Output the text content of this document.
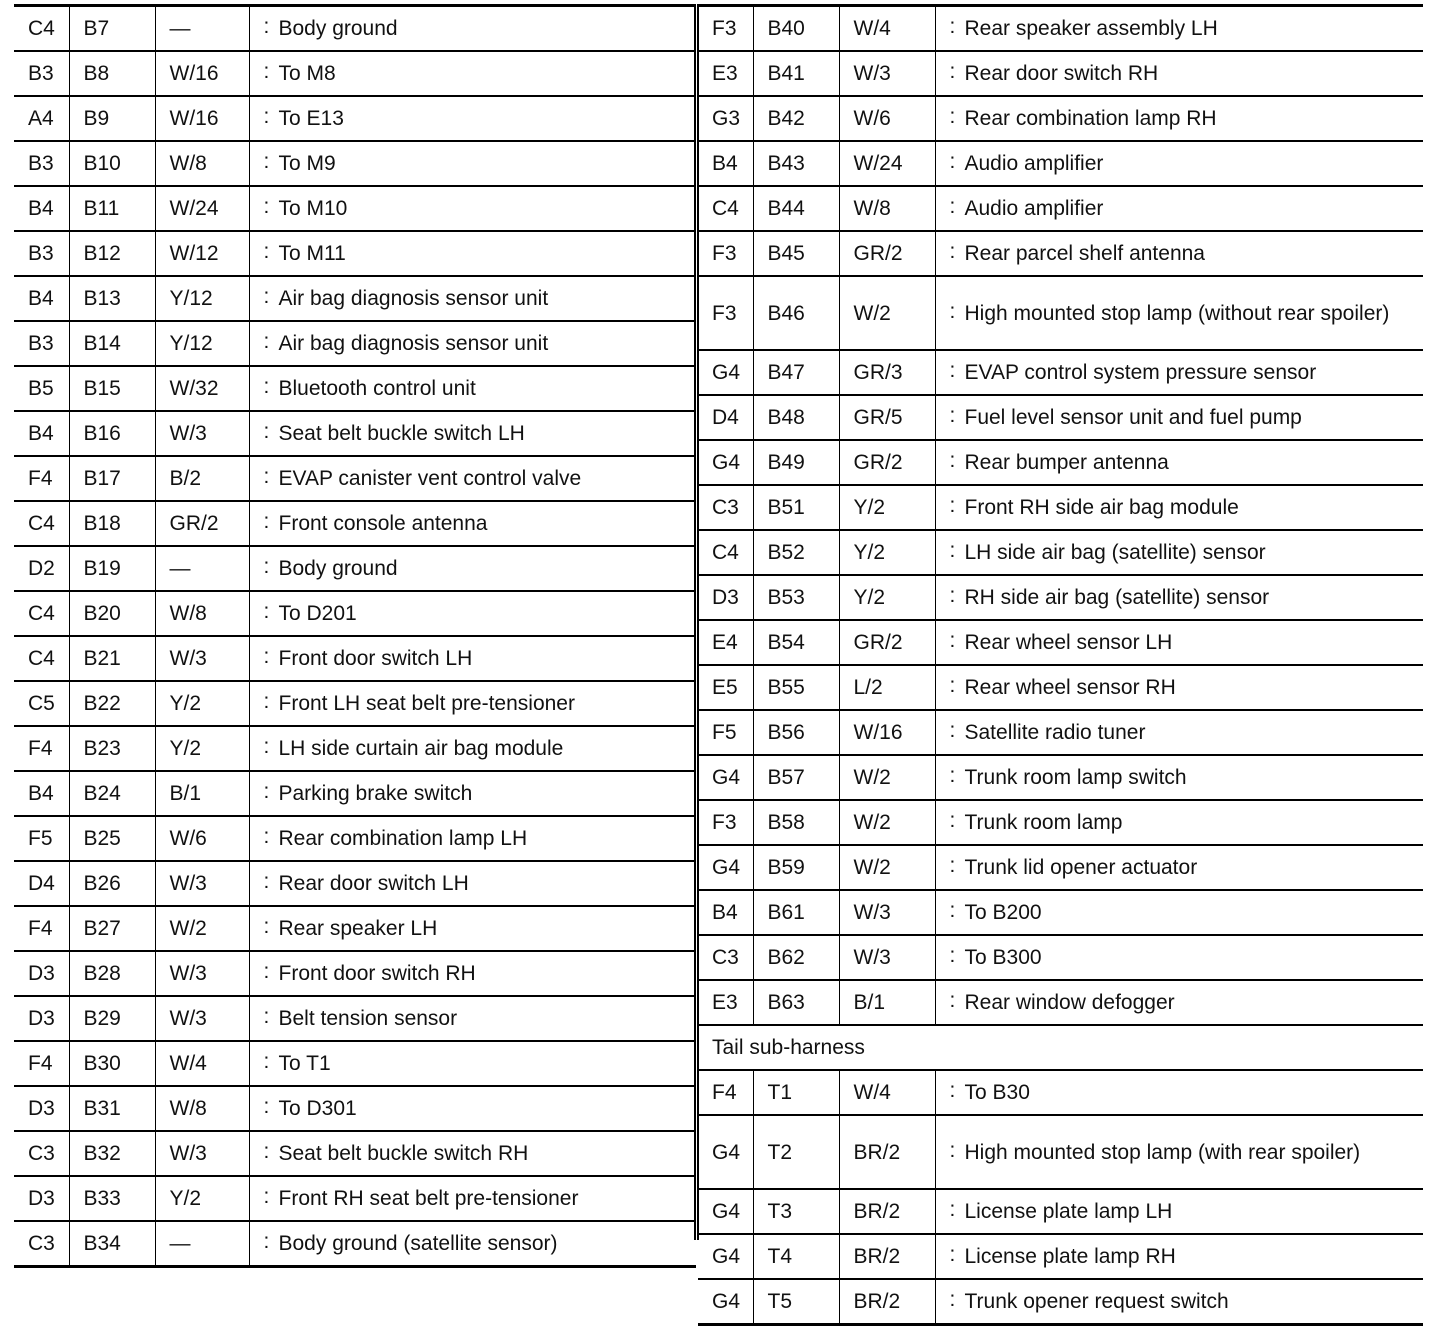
C4	B7	—	: Body ground

B3	B8	W/16	: To M8

A4	B9	W/16	: To E13

B3	B10	W/8	: To M9

B4	B11	W/24	: To M10

B3	B12	W/12	: To M11

B4	B13	Y/12	: Air bag diagnosis sensor unit

B3	B14	Y/12	: Air bag diagnosis sensor unit

B5	B15	W/32	: Bluetooth control unit

B4	B16	W/3	: Seat belt buckle switch LH

F4	B17	B/2	: EVAP canister vent control valve

C4	B18	GR/2	: Front console antenna

D2	B19	—	: Body ground

C4	B20	W/8	: To D201

C4	B21	W/3	: Front door switch LH

C5	B22	Y/2	: Front LH seat belt pre-tensioner

F4	B23	Y/2	: LH side curtain air bag module

B4	B24	B/1	: Parking brake switch

F5	B25	W/6	: Rear combination lamp LH

D4	B26	W/3	: Rear door switch LH

F4	B27	W/2	: Rear speaker LH

D3	B28	W/3	: Front door switch RH

D3	B29	W/3	: Belt tension sensor

F4	B30	W/4	: To T1

D3	B31	W/8	: To D301

C3	B32	W/3	: Seat belt buckle switch RH

D3	B33	Y/2	: Front RH seat belt pre-tensioner

C3	B34	—	: Body ground (satellite sensor)
F3	B40	W/4	: Rear speaker assembly LH

E3	B41	W/3	: Rear door switch RH

G3	B42	W/6	: Rear combination lamp RH

B4	B43	W/24	: Audio amplifier

C4	B44	W/8	: Audio amplifier

F3	B45	GR/2	: Rear parcel shelf antenna

F3	B46	W/2	: High mounted stop lamp (without rear spoiler)

G4	B47	GR/3	: EVAP control system pressure sensor

D4	B48	GR/5	: Fuel level sensor unit and fuel pump

G4	B49	GR/2	: Rear bumper antenna

C3	B51	Y/2	: Front RH side air bag module

C4	B52	Y/2	: LH side air bag (satellite) sensor

D3	B53	Y/2	: RH side air bag (satellite) sensor

E4	B54	GR/2	: Rear wheel sensor LH

E5	B55	L/2	: Rear wheel sensor RH

F5	B56	W/16	: Satellite radio tuner

G4	B57	W/2	: Trunk room lamp switch

F3	B58	W/2	: Trunk room lamp

G4	B59	W/2	: Trunk lid opener actuator

B4	B61	W/3	: To B200

C3	B62	W/3	: To B300

E3	B63	B/1	: Rear window defogger

Tail sub-harness			
F4	T1	W/4	: To B30

G4	T2	BR/2	: High mounted stop lamp (with rear spoiler)

G4	T3	BR/2	: License plate lamp LH

G4	T4	BR/2	: License plate lamp RH

G4	T5	BR/2	: Trunk opener request switch
